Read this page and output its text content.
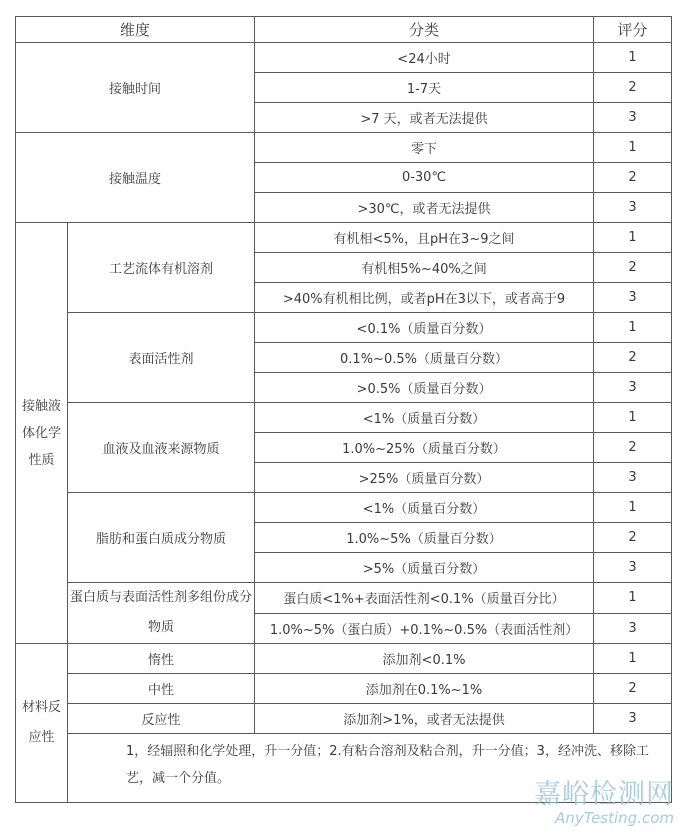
维度		分类	评分
接触时间		<24小时	1
		1-7天	2
		>7 天，或者无法提供	3
接触温度		零下	1
		0-30℃	2
		>30℃，或者无法提供	3
接触液体化学性质	工艺流体有机溶剂	有机相<5%，且pH在3~9之间	1
		有机相5%~40%之间	2
		>40%有机相比例，或者pH在3以下，或者高于9	3
	表面活性剂	<0.1%（质量百分数）	1
		0.1%~0.5%（质量百分数）	2
		>0.5%（质量百分数）	3
	血液及血液来源物质	<1%（质量百分数）	1
		1.0%~25%（质量百分数）	2
		>25%（质量百分数）	3
	脂肪和蛋白质成分物质	<1%（质量百分数）	1
		1.0%~5%（质量百分数）	2
		>5%（质量百分数）	3
	蛋白质与表面活性剂多组份成分物质	蛋白质<1%+表面活性剂<0.1%（质量百分比）	1
		1.0%~5%（蛋白质）+0.1%~0.5%（表面活性剂）	3
材料反应性	惰性	添加剂<0.1%	1
	中性	添加剂在0.1%~1%	2
	反应性	添加剂>1%，或者无法提供	3
	1，经辐照和化学处理，升一分值；2.有粘合溶剂及粘合剂，升一分值；3，经冲洗、移除工艺，减一个分值。		
嘉峪检测网
AnyTesting.com
